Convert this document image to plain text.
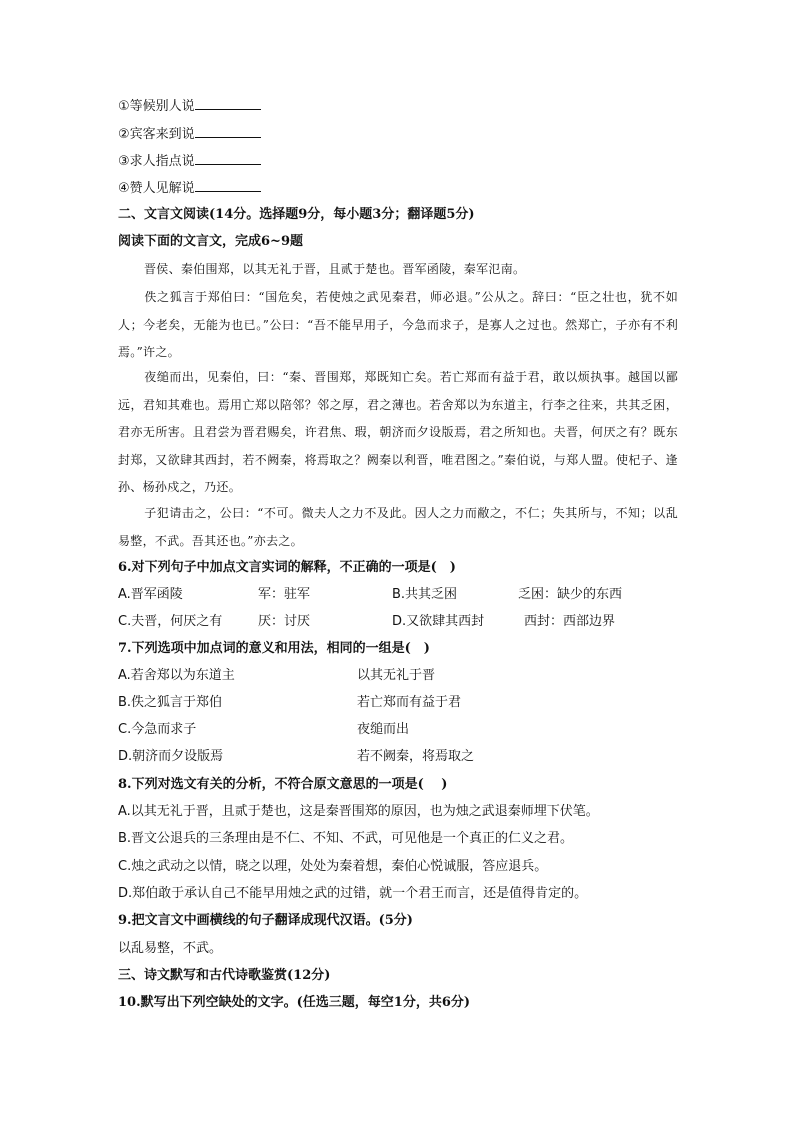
①等候别人说
②宾客来到说
③求人指点说
④赞人见解说
二、文言文阅读(14分。选择题9分，每小题3分；翻译题5分)
阅读下面的文言文，完成6~9题
晋侯、秦伯围郑，以其无礼于晋，且贰于楚也。晋军函陵，秦军氾南。
佚之狐言于郑伯曰：“国危矣，若使烛之武见秦君，师必退。”公从之。辞曰：“臣之壮也，犹不如人；今老矣，无能为也已。”公曰：“吾不能早用子，今急而求子，是寡人之过也。然郑亡，子亦有不利焉。”许之。
夜缒而出，见秦伯，曰：“秦、晋围郑，郑既知亡矣。若亡郑而有益于君，敢以烦执事。越国以鄙远，君知其难也。焉用亡郑以陪邻？邻之厚，君之薄也。若舍郑以为东道主，行李之往来，共其乏困，君亦无所害。且君尝为晋君赐矣，许君焦、瑕，朝济而夕设版焉，君之所知也。夫晋，何厌之有？既东封郑，又欲肆其西封，若不阙秦，将焉取之？阙秦以利晋，唯君图之。”秦伯说，与郑人盟。使杞子、逢孙、杨孙戍之，乃还。
子犯请击之，公曰：“不可。微夫人之力不及此。因人之力而敝之，不仁；失其所与，不知；以乱易整，不武。吾其还也。”亦去之。
6.对下列句子中加点文言实词的解释，不正确的一项是(　)
A.晋军函陵	军：驻军	B.共其乏困	乏困：缺少的东西
C.夫晋，何厌之有	厌：讨厌	D.又欲肆其西封	西封：西部边界
7.下列选项中加点词的意义和用法，相同的一组是(　)
A.若舍郑以为东道主	以其无礼于晋
B.佚之狐言于郑伯	若亡郑而有益于君
C.今急而求子	夜缒而出
D.朝济而夕设版焉	若不阙秦，将焉取之
8.下列对选文有关的分析，不符合原文意思的一项是(　 )
A.以其无礼于晋，且贰于楚也，这是秦晋围郑的原因，也为烛之武退秦师埋下伏笔。
B.晋文公退兵的三条理由是不仁、不知、不武，可见他是一个真正的仁义之君。
C.烛之武动之以情，晓之以理，处处为秦着想，秦伯心悦诚服，答应退兵。
D.郑伯敢于承认自己不能早用烛之武的过错，就一个君王而言，还是值得肯定的。
9.把文言文中画横线的句子翻译成现代汉语。(5分)
以乱易整，不武。
三、诗文默写和古代诗歌鉴赏(12分)
10.默写出下列空缺处的文字。(任选三题，每空1分，共6分)
